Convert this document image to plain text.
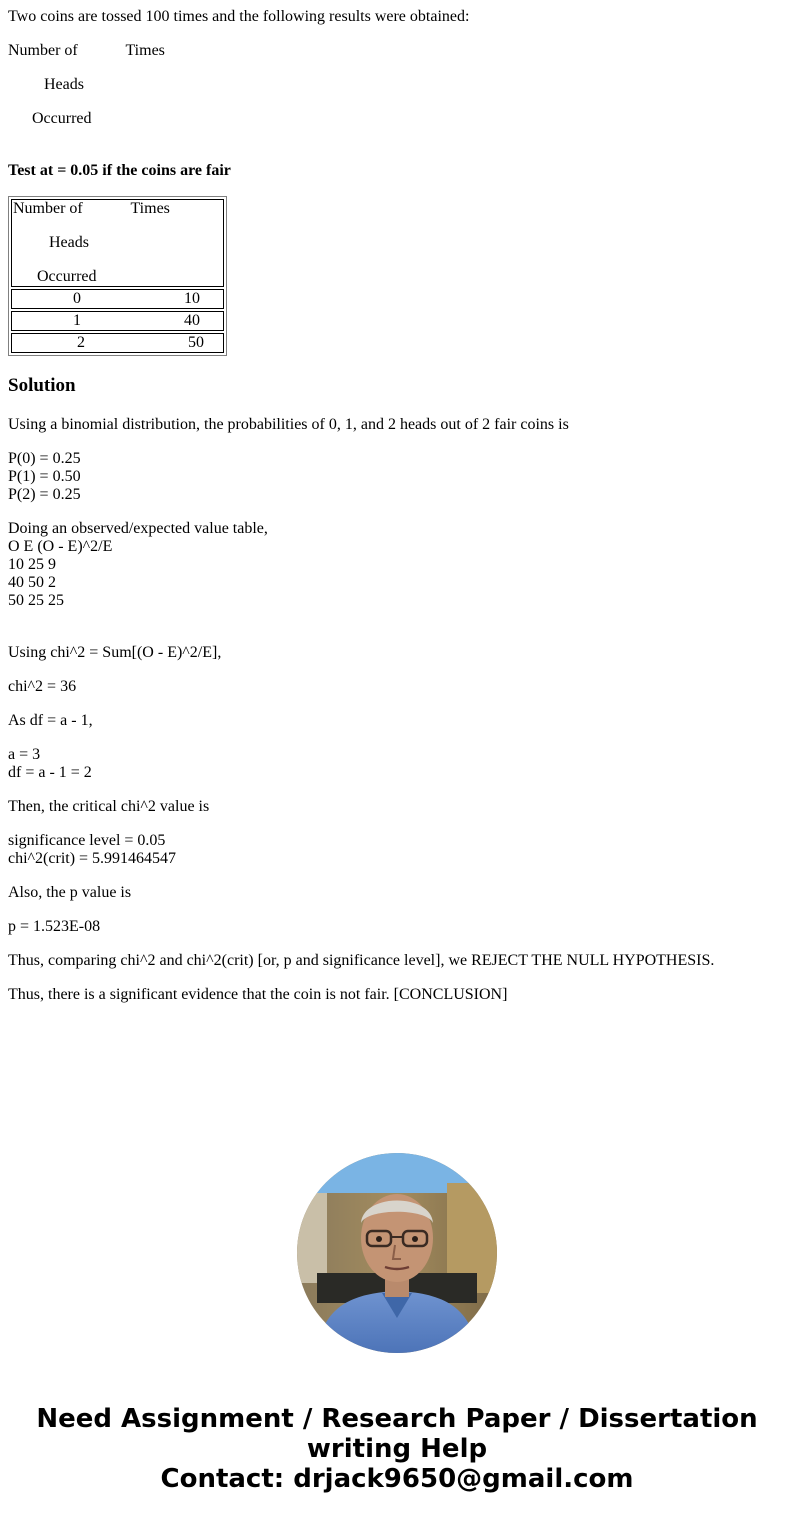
Two coins are tossed 100 times and the following results were obtained:

Number of            Times
Heads
Occurred

Test at = 0.05 if the coins are fair

Number of            Times
Heads
Occurred

0	10

1	40

2	50
Solution

Using a binomial distribution, the probabilities of 0, 1, and 2 heads out of 2 fair coins is

P(0) = 0.25
P(1) = 0.50
P(2) = 0.25
Doing an observed/expected value table,
O E (O - E)^2/E
10 25 9
40 50 2
50 25 25

Using chi^2 = Sum[(O - E)^2/E],

chi^2 = 36

As df = a - 1,

a = 3
df = a - 1 = 2

Then, the critical chi^2 value is

significance level = 0.05
chi^2(crit) = 5.991464547

Also, the p value is

p = 1.523E-08

Thus, comparing chi^2 and chi^2(crit) [or, p and significance level], we REJECT THE NULL HYPOTHESIS.

Thus, there is a significant evidence that the coin is not fair. [CONCLUSION]

Need Assignment / Research Paper / Dissertation
writing Help
Contact: drjack9650@gmail.com
